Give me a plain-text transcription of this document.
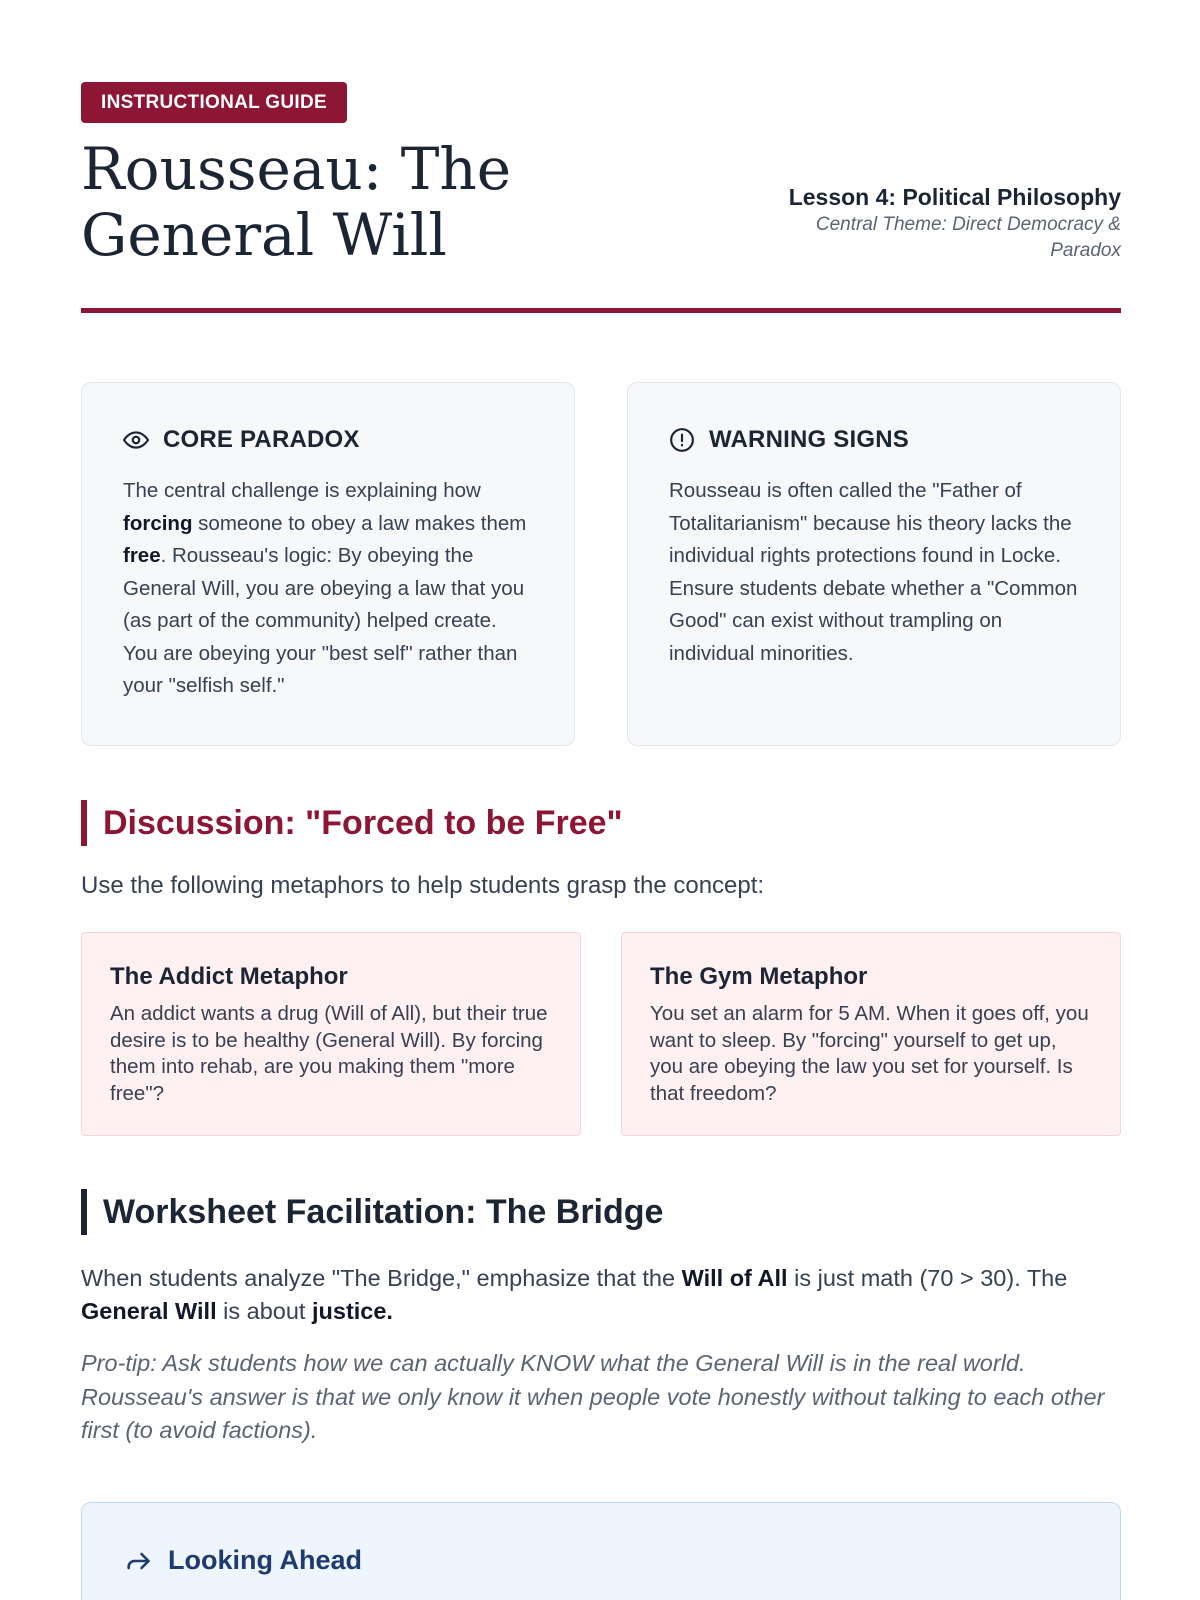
INSTRUCTIONAL GUIDE
Rousseau: The General Will
Lesson 4: Political Philosophy
Central Theme: Direct Democracy & Paradox
CORE PARADOX

The central challenge is explaining how forcing someone to obey a law makes them free. Rousseau's logic: By obeying the General Will, you are obeying a law that you (as part of the community) helped create. You are obeying your "best self" rather than your "selfish self."

WARNING SIGNS

Rousseau is often called the "Father of Totalitarianism" because his theory lacks the individual rights protections found in Locke. Ensure students debate whether a "Common Good" can exist without trampling on individual minorities.

Discussion: "Forced to be Free"

Use the following metaphors to help students grasp the concept:

The Addict Metaphor

An addict wants a drug (Will of All), but their true desire is to be healthy (General Will). By forcing them into rehab, are you making them "more free"?

The Gym Metaphor

You set an alarm for 5 AM. When it goes off, you want to sleep. By "forcing" yourself to get up, you are obeying the law you set for yourself. Is that freedom?

Worksheet Facilitation: The Bridge

When students analyze "The Bridge," emphasize that the Will of All is just math (70 > 30). The General Will is about justice.

Pro-tip: Ask students how we can actually KNOW what the General Will is in the real world. Rousseau's answer is that we only know it when people vote honestly without talking to each other first (to avoid factions).

Looking Ahead
